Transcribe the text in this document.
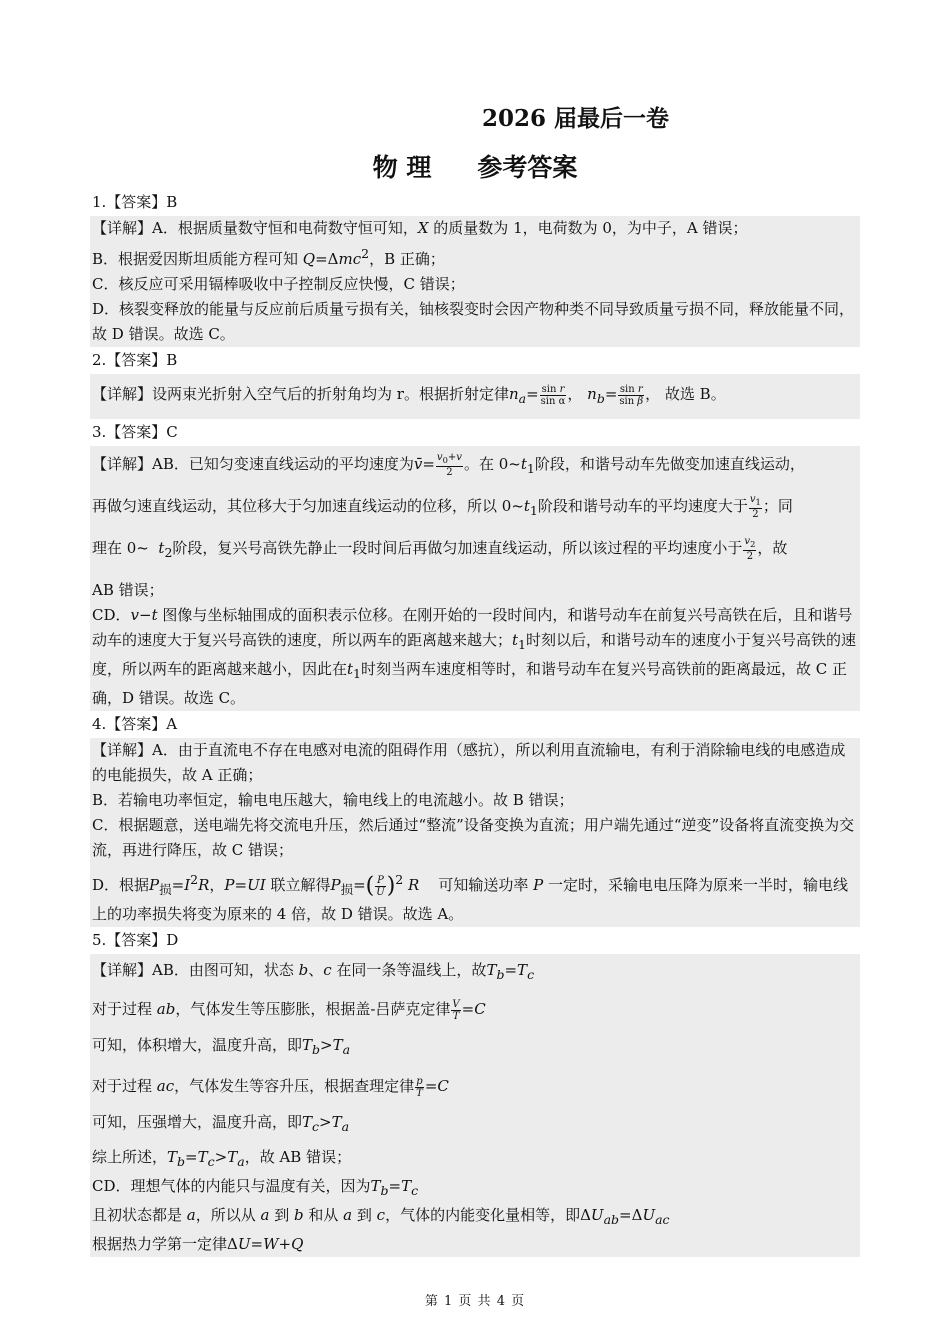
2026 届最后一卷
物 理 参考答案
1.【答案】B
【详解】A．根据质量数守恒和电荷数守恒可知，X 的质量数为 1，电荷数为 0，为中子，A 错误；
B．根据爱因斯坦质能方程可知 Q=Δmc$^2$，B 正确；
C．核反应可采用镉棒吸收中子控制反应快慢，C 错误；
D．核裂变释放的能量与反应前后质量亏损有关，铀核裂变时会因产物种类不同导致质量亏损不同，释放能量不同，故 D 错误。故选 C。
2.【答案】B
【详解】设两束光折射入空气后的折射角均为 r。根据折射定律$n_a= \frac{\text{sin r}}{\text{sin α}}$ ， $n_b= \frac{\text{sin r}}{\text{sin β}}$ ， 故选 B。
3.【答案】C
【详解】AB．已知匀变速直线运动的平均速度为v̄= $\frac{v_0+v}{2}$ 。在 $0\sim t_1$阶段，和谐号动车先做变加速直线运动，
再做匀速直线运动，其位移大于匀加速直线运动的位移，所以 $0\sim t_1$阶段和谐号动车的平均速度大于 $\frac{v_1}{2}$ ；同
理在 0~  $t_2$阶段，复兴号高铁先静止一段时间后再做匀加速直线运动，所以该过程的平均速度小于 $\frac{v_2}{2}$ ，故
AB 错误；
CD．v−t 图像与坐标轴围成的面积表示位移。在刚开始的一段时间内，和谐号动车在前复兴号高铁在后，且和谐号动车的速度大于复兴号高铁的速度，所以两车的距离越来越大；$t_1$时刻以后，和谐号动车的速度小于复兴号高铁的速度，所以两车的距离越来越小，因此在$t_1$时刻当两车速度相等时，和谐号动车在复兴号高铁前的距离最远，故 C 正确，D 错误。故选 C。
4.【答案】A
【详解】A．由于直流电不存在电感对电流的阻碍作用（感抗），所以利用直流输电，有利于消除输电线的电感造成的电能损失，故 A 正确；
B．若输电功率恒定，输电电压越大，输电线上的电流越小。故 B 错误；
C．根据题意，送电端先将交流电升压，然后通过“整流”设备变换为直流；用户端先通过“逆变”设备将直流变换为交流，再进行降压，故 C 错误；
D．根据$P_损=I^2R$，P=UI 联立解得$P_损=( \frac{P}{U} )^2$ R    可知输送功率 P 一定时，采输电电压降为原来一半时，输电线上的功率损失将变为原来的 4 倍，故 D 错误。故选 A。
5.【答案】D
【详解】AB．由图可知，状态 b、c 在同一条等温线上，故$T_b=T_c$
对于过程 ab，气体发生等压膨胀，根据盖-吕萨克定律 $\frac{V}{T} =C$
可知，体积增大，温度升高，即$T_b>T_a$
对于过程 ac，气体发生等容升压，根据查理定律 $\frac{p}{T} =C$
可知，压强增大，温度升高，即$T_c>T_a$
综上所述，$T_b=T_c>T_a$，故 AB 错误；
CD．理想气体的内能只与温度有关，因为$T_b=T_c$
且初状态都是 a，所以从 a 到 b 和从 a 到 c，气体的内能变化量相等，即$\Delta U_{ab}=\Delta U_{ac}$
根据热力学第一定律ΔU=W+Q
第 1 页 共 4 页
